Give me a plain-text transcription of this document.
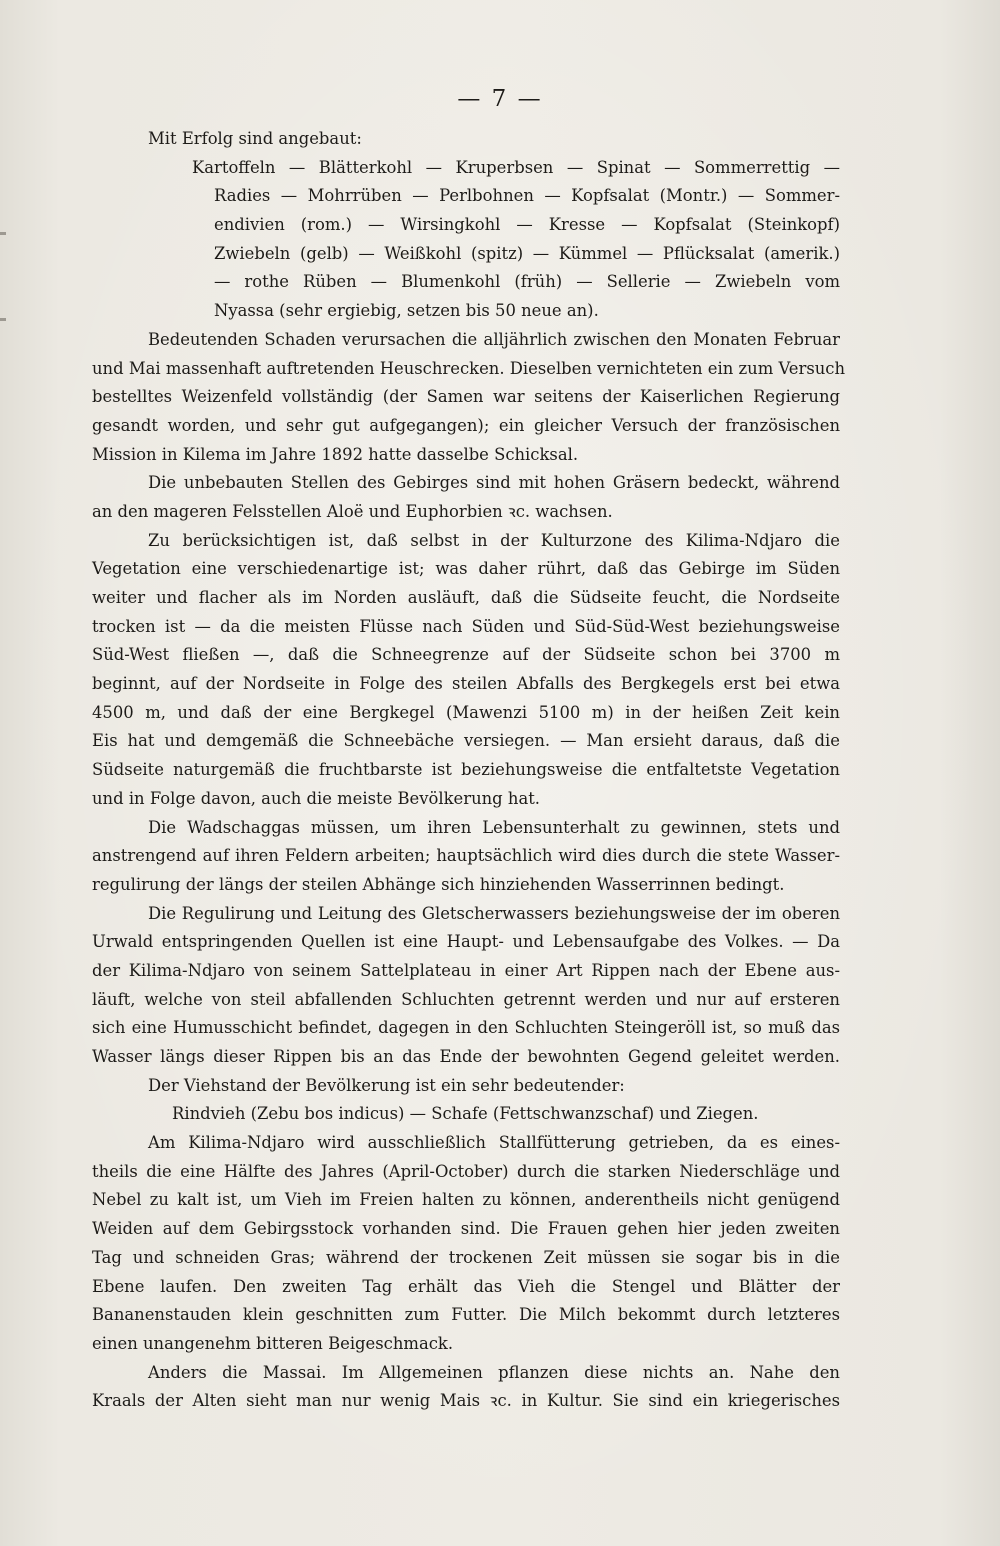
— 7 —
Mit Erfolg sind angebaut:
Kartoffeln — Blätterkohl — Kruperbsen — Spinat — Sommerrettig —
Radies — Mohrrüben — Perlbohnen — Kopfsalat (Montr.) — Sommer-
endivien (rom.) — Wirsingkohl — Kresse — Kopfsalat (Steinkopf)
Zwiebeln (gelb) — Weißkohl (spitz) — Kümmel — Pflücksalat (amerik.)
— rothe Rüben — Blumenkohl (früh) — Sellerie — Zwiebeln vom
Nyassa (sehr ergiebig, setzen bis 50 neue an).
Bedeutenden Schaden verursachen die alljährlich zwischen den Monaten Februar
und Mai massenhaft auftretenden Heuschrecken. Dieselben vernichteten ein zum Versuch
bestelltes Weizenfeld vollständig (der Samen war seitens der Kaiserlichen Regierung
gesandt worden, und sehr gut aufgegangen); ein gleicher Versuch der französischen
Mission in Kilema im Jahre 1892 hatte dasselbe Schicksal.
Die unbebauten Stellen des Gebirges sind mit hohen Gräsern bedeckt, während
an den mageren Felsstellen Aloë und Euphorbien ꝛc. wachsen.
Zu berücksichtigen ist, daß selbst in der Kulturzone des Kilima-Ndjaro die
Vegetation eine verschiedenartige ist; was daher rührt, daß das Gebirge im Süden
weiter und flacher als im Norden ausläuft, daß die Südseite feucht, die Nordseite
trocken ist — da die meisten Flüsse nach Süden und Süd-Süd-West beziehungsweise
Süd-West fließen —, daß die Schneegrenze auf der Südseite schon bei 3700 m
beginnt, auf der Nordseite in Folge des steilen Abfalls des Bergkegels erst bei etwa
4500 m, und daß der eine Bergkegel (Mawenzi 5100 m) in der heißen Zeit kein
Eis hat und demgemäß die Schneebäche versiegen. — Man ersieht daraus, daß die
Südseite naturgemäß die fruchtbarste ist beziehungsweise die entfaltetste Vegetation
und in Folge davon, auch die meiste Bevölkerung hat.
Die Wadschaggas müssen, um ihren Lebensunterhalt zu gewinnen, stets und
anstrengend auf ihren Feldern arbeiten; hauptsächlich wird dies durch die stete Wasser-
regulirung der längs der steilen Abhänge sich hinziehenden Wasserrinnen bedingt.
Die Regulirung und Leitung des Gletscherwassers beziehungsweise der im oberen
Urwald entspringenden Quellen ist eine Haupt- und Lebensaufgabe des Volkes. — Da
der Kilima-Ndjaro von seinem Sattelplateau in einer Art Rippen nach der Ebene aus-
läuft, welche von steil abfallenden Schluchten getrennt werden und nur auf ersteren
sich eine Humusschicht befindet, dagegen in den Schluchten Steingeröll ist, so muß das
Wasser längs dieser Rippen bis an das Ende der bewohnten Gegend geleitet werden.
Der Viehstand der Bevölkerung ist ein sehr bedeutender:
Rindvieh (Zebu bos indicus) — Schafe (Fettschwanzschaf) und Ziegen.
Am Kilima-Ndjaro wird ausschließlich Stallfütterung getrieben, da es eines-
theils die eine Hälfte des Jahres (April-October) durch die starken Niederschläge und
Nebel zu kalt ist, um Vieh im Freien halten zu können, anderentheils nicht genügend
Weiden auf dem Gebirgsstock vorhanden sind. Die Frauen gehen hier jeden zweiten
Tag und schneiden Gras; während der trockenen Zeit müssen sie sogar bis in die
Ebene laufen. Den zweiten Tag erhält das Vieh die Stengel und Blätter der
Bananenstauden klein geschnitten zum Futter. Die Milch bekommt durch letzteres
einen unangenehm bitteren Beigeschmack.
Anders die Massai. Im Allgemeinen pflanzen diese nichts an. Nahe den
Kraals der Alten sieht man nur wenig Mais ꝛc. in Kultur. Sie sind ein kriegerisches
